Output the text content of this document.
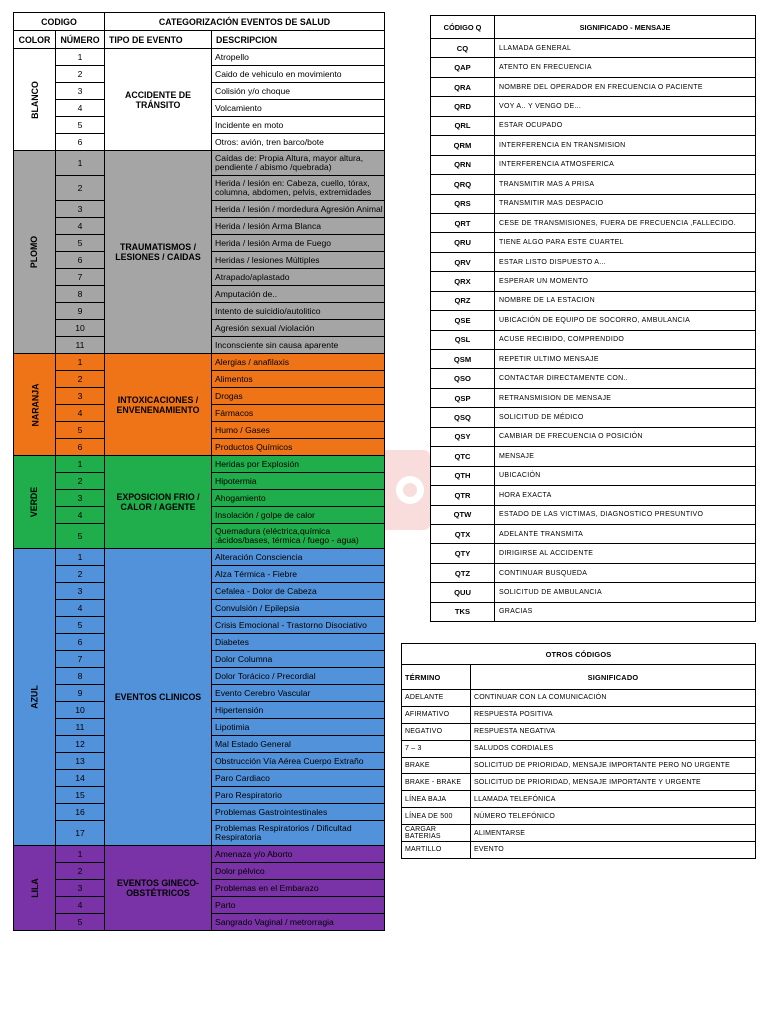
CODIGO		CATEGORIZACIÓN EVENTOS DE SALUD	
COLOR	NÚMERO	TIPO DE EVENTO	DESCRIPCION
BLANCO	1	ACCIDENTE DE TRÁNSITO	Atropello
	2		Caido de vehiculo en movimiento
	3		Colisión y/o choque
	4		Volcamiento
	5		Incidente en moto
	6		Otros: avión, tren barco/bote
PLOMO	1	TRAUMATISMOS / LESIONES / CAIDAS	Caídas de: Propia Altura, mayor altura, pendiente / abismo /quebrada)
	2		Herida / lesión en: Cabeza, cuello, tórax, columna, abdomen, pelvis, extremidades
	3		Herida / lesión / mordedura Agresión Animal
	4		Herida / lesión Arma Blanca
	5		Herida / lesión Arma de Fuego
	6		Heridas / lesiones Múltiples
	7		Atrapado/aplastado
	8		Amputación de..
	9		Intento de suicidio/autolitico
	10		Agresión sexual /violación
	11		Inconsciente sin causa aparente
NARANJA	1	INTOXICACIONES / ENVENENAMIENTO	Alergias / anafilaxis
	2		Alimentos
	3		Drogas
	4		Fármacos
	5		Humo / Gases
	6		Productos Químicos
VERDE	1	EXPOSICION FRIO / CALOR / AGENTE	Heridas por Explosión
	2		Hipotermia
	3		Ahogamiento
	4		Insolación / golpe de calor
	5		Quemadura (eléctrica,química :ácidos/bases, térmica / fuego - agua)
AZUL	1	EVENTOS CLINICOS	Alteración Consciencia
	2		Alza Térmica - Fiebre
	3		Cefalea - Dolor de Cabeza
	4		Convulsión / Epilepsia
	5		Crisis Emocional - Trastorno Disociativo
	6		Diabetes
	7		Dolor Columna
	8		Dolor Torácico / Precordial
	9		Evento Cerebro Vascular
	10		Hipertensión
	11		Lipotimia
	12		Mal Estado General
	13		Obstrucción Vía Aérea Cuerpo Extraño
	14		Paro Cardiaco
	15		Paro Respiratorio
	16		Problemas Gastrointestinales
	17		Problemas Respiratorios / Dificultad Respiratoria
LILA	1	EVENTOS GINECO-OBSTÉTRICOS	Amenaza y/o Aborto
	2		Dolor pélvico
	3		Problemas en el Embarazo
	4		Parto
	5		Sangrado Vaginal / metrorragia
CÓDIGO Q	SIGNIFICADO - MENSAJE
CQ	LLAMADA GENERAL
QAP	ATENTO EN FRECUENCIA
QRA	NOMBRE DEL OPERADOR EN FRECUENCIA O PACIENTE
QRD	VOY A.. Y VENGO DE...
QRL	ESTAR OCUPADO
QRM	INTERFERENCIA EN TRANSMISION
QRN	INTERFERENCIA ATMOSFERICA
QRQ	TRANSMITIR MAS A PRISA
QRS	TRANSMITIR MAS DESPACIO
QRT	CESE DE TRANSMISIONES, FUERA DE FRECUENCIA ,FALLECIDO.
QRU	TIENE ALGO PARA ESTE CUARTEL
QRV	ESTAR LISTO DISPUESTO A...
QRX	ESPERAR UN MOMENTO
QRZ	NOMBRE DE LA ESTACION
QSE	UBICACIÓN DE EQUIPO DE SOCORRO, AMBULANCIA
QSL	ACUSE RECIBIDO, COMPRENDIDO
QSM	REPETIR ULTIMO MENSAJE
QSO	CONTACTAR DIRECTAMENTE CON..
QSP	RETRANSMISION DE MENSAJE
QSQ	SOLICITUD DE MÉDICO
QSY	CAMBIAR DE FRECUENCIA O POSICIÓN
QTC	MENSAJE
QTH	UBICACIÓN
QTR	HORA EXACTA
QTW	ESTADO DE LAS VICTIMAS, DIAGNOSTICO PRESUNTIVO
QTX	ADELANTE TRANSMITA
QTY	DIRIGIRSE AL ACCIDENTE
QTZ	CONTINUAR BUSQUEDA
QUU	SOLICITUD DE AMBULANCIA
TKS	GRACIAS
OTROS CÓDIGOS	
TÉRMINO	SIGNIFICADO
ADELANTE	CONTINUAR CON LA COMUNICACIÓN
AFIRMATIVO	RESPUESTA POSITIVA
NEGATIVO	RESPUESTA NEGATIVA
7 – 3	SALUDOS CORDIALES
BRAKE	SOLICITUD DE PRIORIDAD, MENSAJE IMPORTANTE PERO NO URGENTE
BRAKE - BRAKE	SOLICITUD DE PRIORIDAD, MENSAJE IMPORTANTE Y URGENTE
LÍNEA BAJA	LLAMADA TELEFÓNICA
LÍNEA DE 500	NÚMERO TELEFÓNICO
CARGAR BATERIAS	ALIMENTARSE
MARTILLO	EVENTO
